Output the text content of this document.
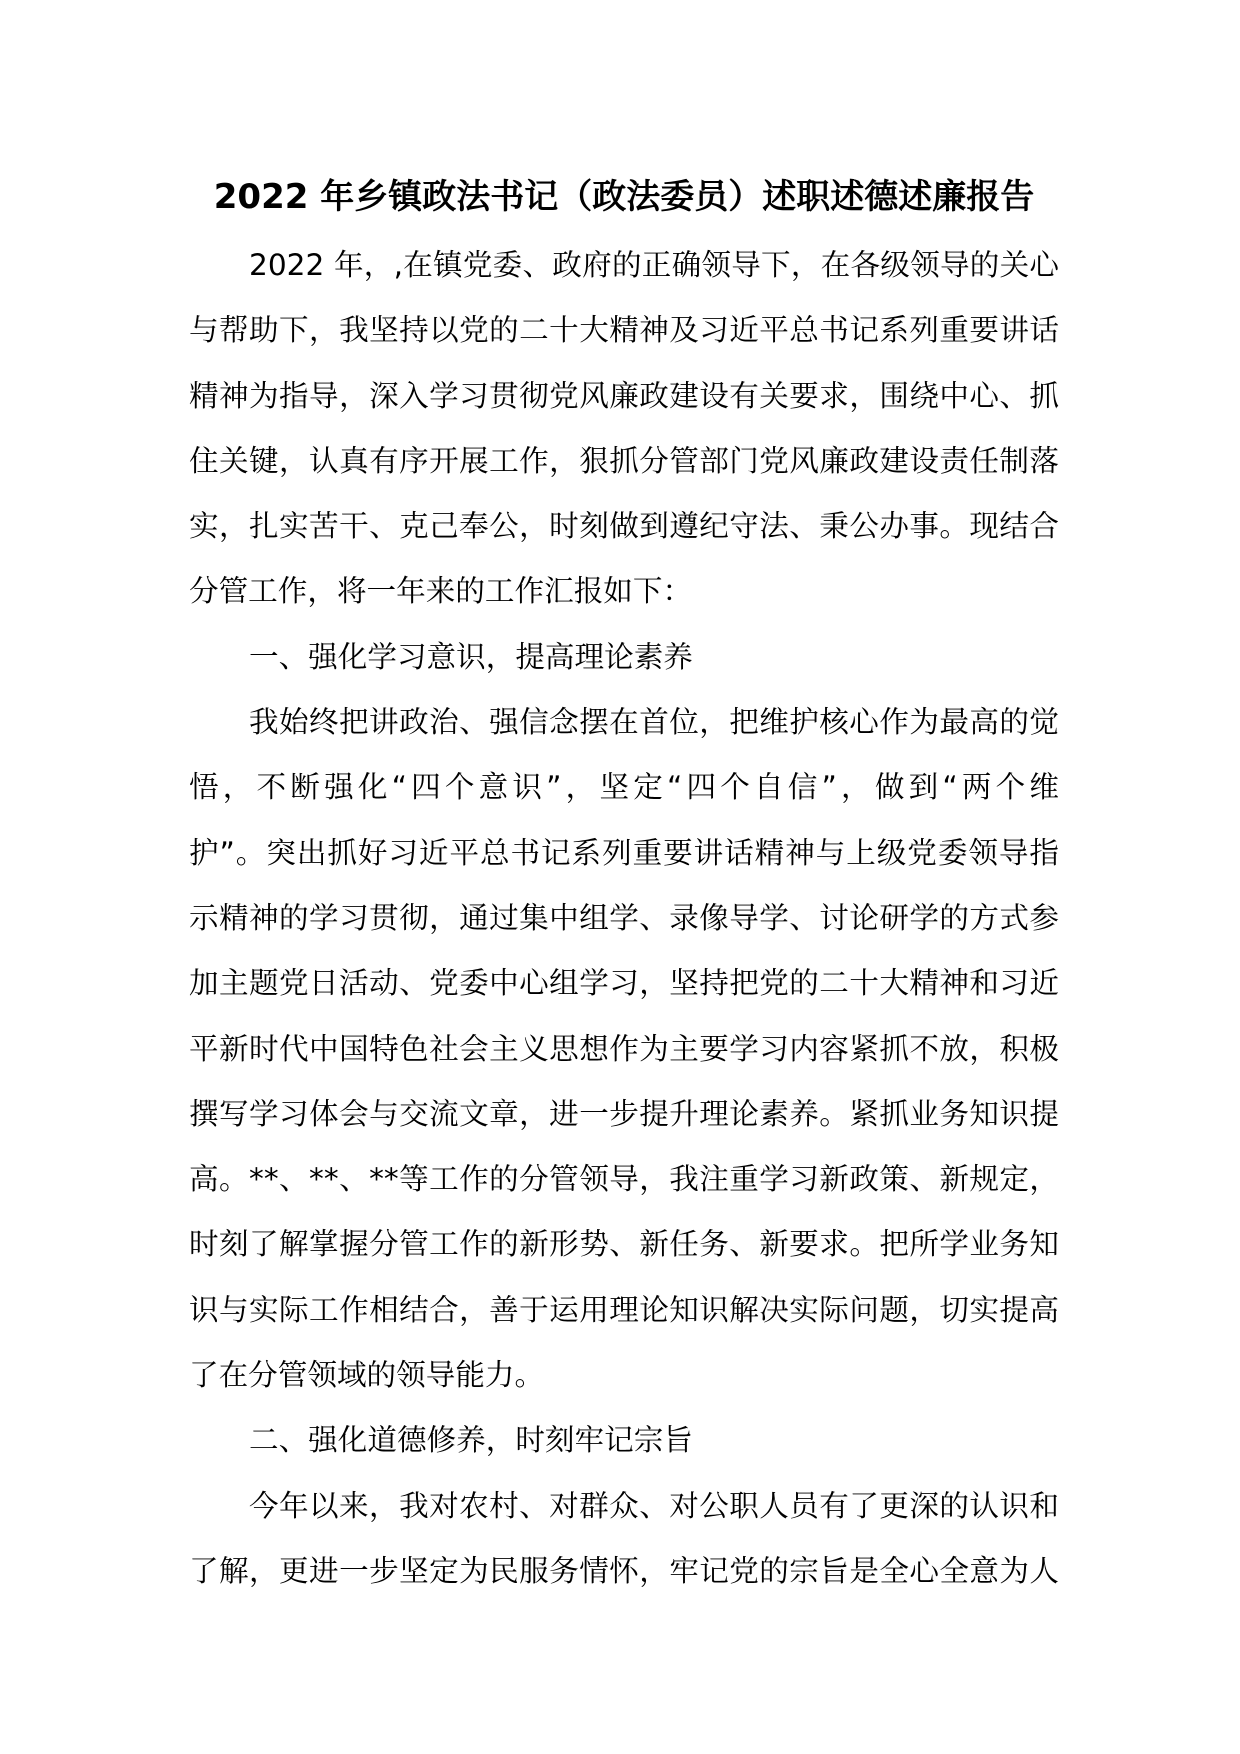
2022 年乡镇政法书记（政法委员）述职述德述廉报告
2022 年，,在镇党委、政府的正确领导下，在各级领导的关心
与帮助下，我坚持以党的二十大精神及习近平总书记系列重要讲话
精神为指导，深入学习贯彻党风廉政建设有关要求，围绕中心、抓
住关键，认真有序开展工作，狠抓分管部门党风廉政建设责任制落
实，扎实苦干、克己奉公，时刻做到遵纪守法、秉公办事。现结合
分管工作，将一年来的工作汇报如下：
一、强化学习意识，提高理论素养
我始终把讲政治、强信念摆在首位，把维护核心作为最高的觉
悟，不断强化“四个意识”，坚定“四个自信”，做到“两个维
护”。突出抓好习近平总书记系列重要讲话精神与上级党委领导指
示精神的学习贯彻，通过集中组学、录像导学、讨论研学的方式参
加主题党日活动、党委中心组学习，坚持把党的二十大精神和习近
平新时代中国特色社会主义思想作为主要学习内容紧抓不放，积极
撰写学习体会与交流文章，进一步提升理论素养。紧抓业务知识提
高。**、**、**等工作的分管领导，我注重学习新政策、新规定，
时刻了解掌握分管工作的新形势、新任务、新要求。把所学业务知
识与实际工作相结合，善于运用理论知识解决实际问题，切实提高
了在分管领域的领导能力。
二、强化道德修养，时刻牢记宗旨
今年以来，我对农村、对群众、对公职人员有了更深的认识和
了解，更进一步坚定为民服务情怀，牢记党的宗旨是全心全意为人
